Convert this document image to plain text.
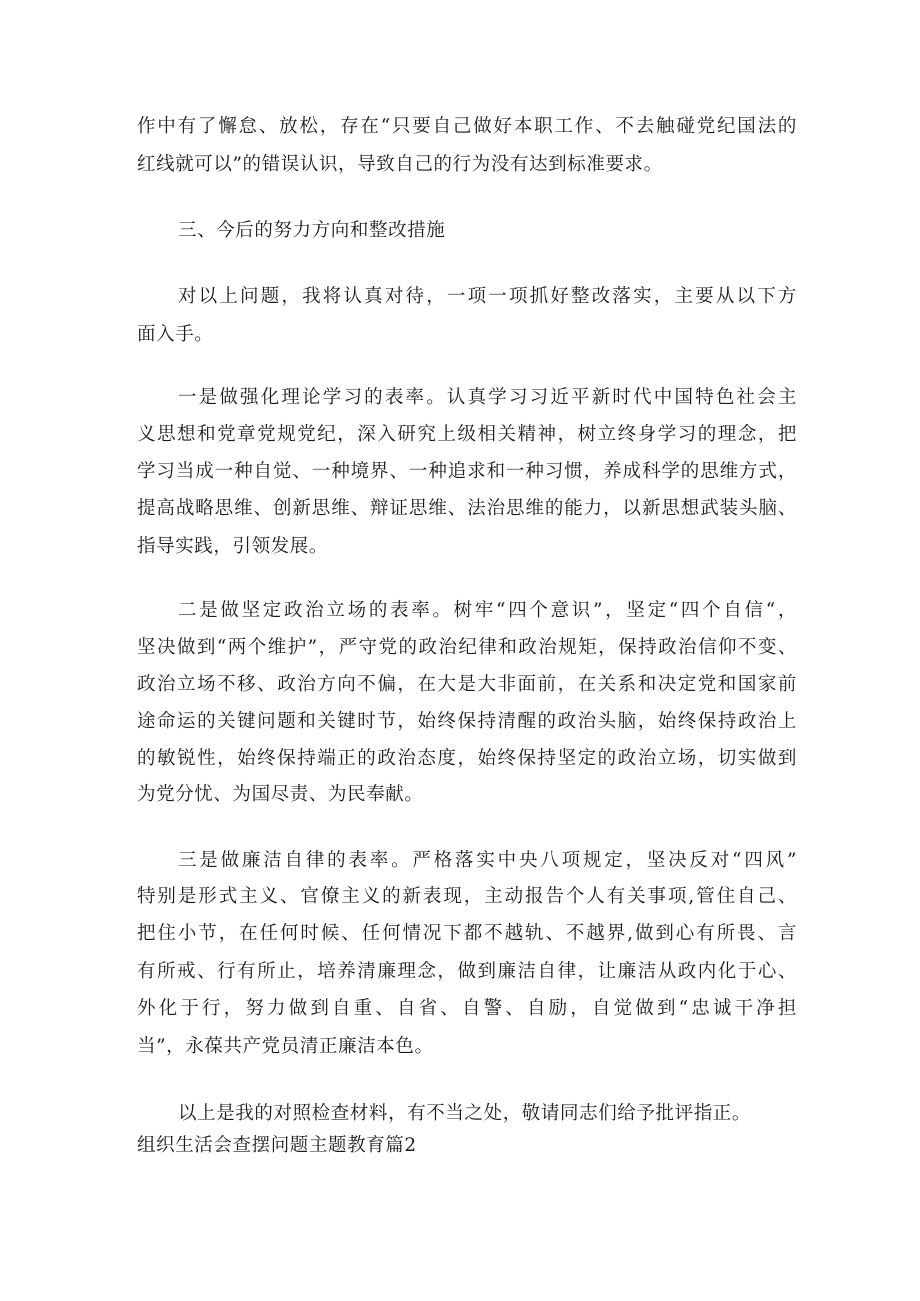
作中有了懈怠、放松，存在“只要自己做好本职工作、不去触碰党纪国法的
红线就可以”的错误认识，导致自己的行为没有达到标准要求。
三、今后的努力方向和整改措施
对以上问题，我将认真对待，一项一项抓好整改落实，主要从以下方
面入手。
一是做强化理论学习的表率。认真学习习近平新时代中国特色社会主
义思想和党章党规党纪，深入研究上级相关精神，树立终身学习的理念，把
学习当成一种自觉、一种境界、一种追求和一种习惯，养成科学的思维方式，
提高战略思维、创新思维、辩证思维、法治思维的能力，以新思想武装头脑、
指导实践，引领发展。
二是做坚定政治立场的表率。树牢“四个意识”，坚定“四个自信“，
坚决做到“两个维护”，严守党的政治纪律和政治规矩，保持政治信仰不变、
政治立场不移、政治方向不偏，在大是大非面前，在关系和决定党和国家前
途命运的关键问题和关键时节，始终保持清醒的政治头脑，始终保持政治上
的敏锐性，始终保持端正的政治态度，始终保持坚定的政治立场，切实做到
为党分忧、为国尽责、为民奉献。
三是做廉洁自律的表率。严格落实中央八项规定，坚决反对“四风”
特别是形式主义、官僚主义的新表现，主动报告个人有关事项,管住自己、
把住小节，在任何时候、任何情况下都不越轨、不越界,做到心有所畏、言
有所戒、行有所止，培养清廉理念，做到廉洁自律，让廉洁从政内化于心、
外化于行，努力做到自重、自省、自警、自励，自觉做到“忠诚干净担
当”，永葆共产党员清正廉洁本色。
以上是我的对照检查材料，有不当之处，敬请同志们给予批评指正。
组织生活会查摆问题主题教育篇2
